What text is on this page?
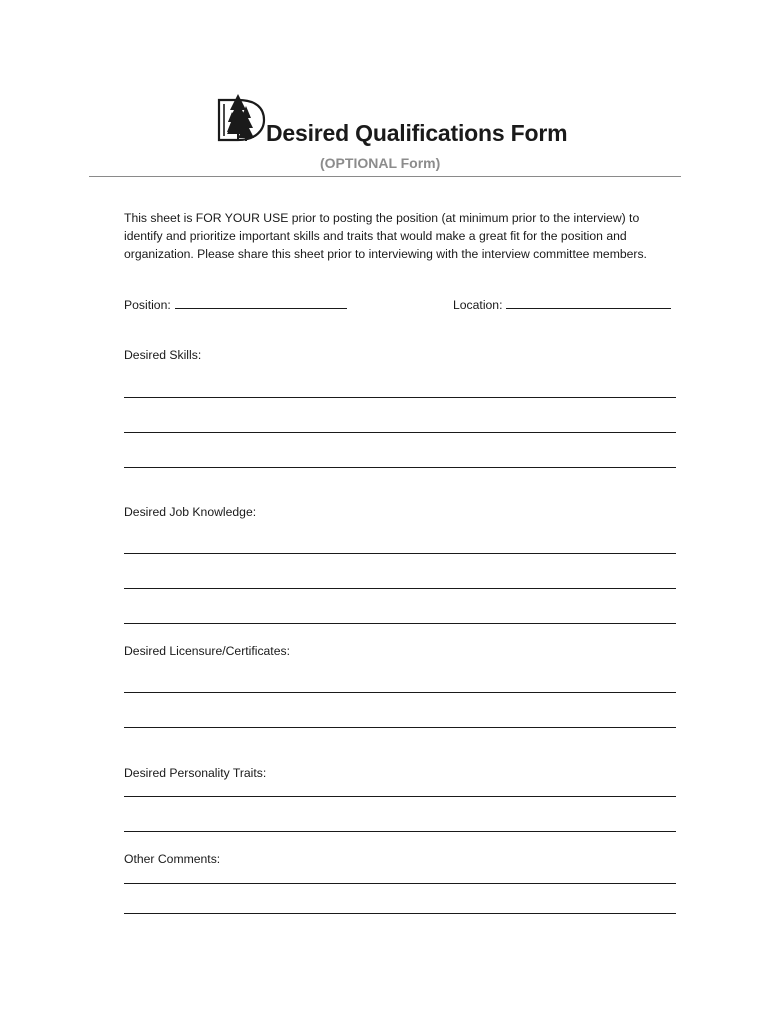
Desired Qualifications Form
(OPTIONAL Form)
This sheet is FOR YOUR USE prior to posting the position (at minimum prior to the interview) to identify and prioritize important skills and traits that would make a great fit for the position and organization. Please share this sheet prior to interviewing with the interview committee members.
Position:	Location:
Desired Skills:
Desired Job Knowledge:
Desired Licensure/Certificates:
Desired Personality Traits:
Other Comments:
